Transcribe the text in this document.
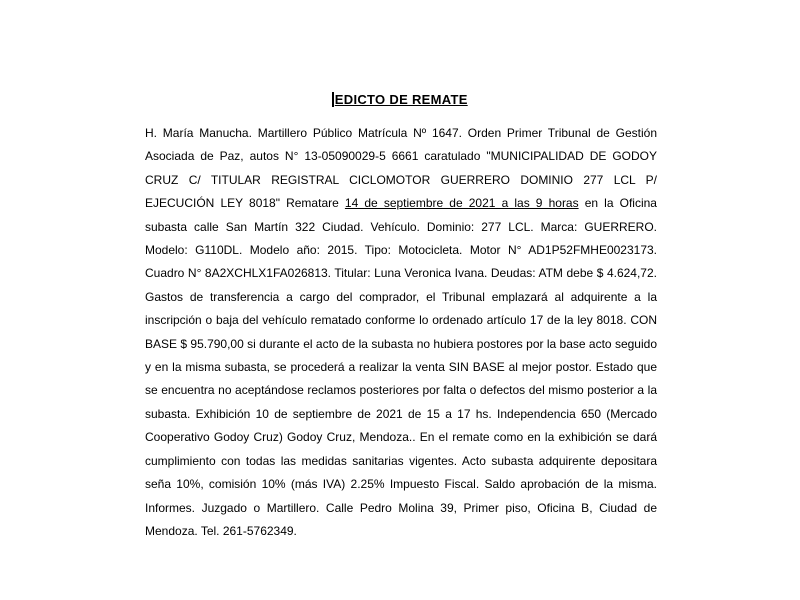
EDICTO DE REMATE

H. María Manucha. Martillero Público Matrícula Nº 1647. Orden Primer Tribunal de Gestión Asociada de Paz, autos N° 13-05090029-5 6661 caratulado "MUNICIPALIDAD DE GODOY CRUZ C/ TITULAR REGISTRAL CICLOMOTOR GUERRERO DOMINIO 277 LCL P/ EJECUCIÓN LEY 8018" Rematare 14 de septiembre de 2021 a las 9 horas en la Oficina subasta calle San Martín 322 Ciudad. Vehículo. Dominio: 277 LCL. Marca: GUERRERO. Modelo: G110DL. Modelo año: 2015. Tipo: Motocicleta. Motor N° AD1P52FMHE0023173. Cuadro N° 8A2XCHLX1FA026813. Titular: Luna Veronica Ivana. Deudas: ATM debe $ 4.624,72. Gastos de transferencia a cargo del comprador, el Tribunal emplazará al adquirente a la inscripción o baja del vehículo rematado conforme lo ordenado artículo 17 de la ley 8018. CON BASE $ 95.790,00 si durante el acto de la subasta no hubiera postores por la base acto seguido y en la misma subasta, se procederá a realizar la venta SIN BASE al mejor postor. Estado que se encuentra no aceptándose reclamos posteriores por falta o defectos del mismo posterior a la subasta. Exhibición 10 de septiembre de 2021 de 15 a 17 hs. Independencia 650 (Mercado Cooperativo Godoy Cruz) Godoy Cruz, Mendoza.. En el remate como en la exhibición se dará cumplimiento con todas las medidas sanitarias vigentes. Acto subasta adquirente depositara seña 10%, comisión 10% (más IVA) 2.25% Impuesto Fiscal. Saldo aprobación de la misma. Informes. Juzgado o Martillero. Calle Pedro Molina 39, Primer piso, Oficina B, Ciudad de Mendoza. Tel. 261-5762349.
